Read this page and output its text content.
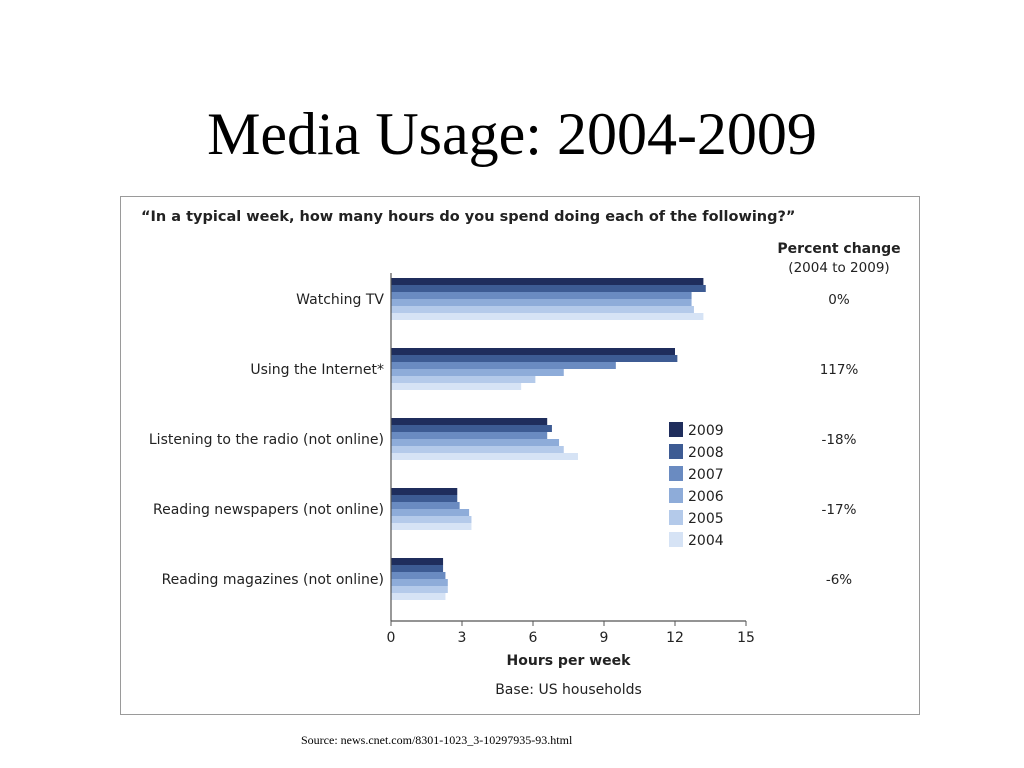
Media Usage: 2004-2009
0	3	6	9	12	15
“In a typical week, how many hours do you spend doing each of the following?”
Percent change
(2004 to 2009)
Watching TV	0%
Using the Internet*	117%
Listening to the radio (not online)	-18%
Reading newspapers (not online)	-17%
Reading magazines (not online)	-6%
Hours per week
Base: US households
2009
2008
2007
2006
2005
2004
Source: news.cnet.com/8301-1023_3-10297935-93.html
